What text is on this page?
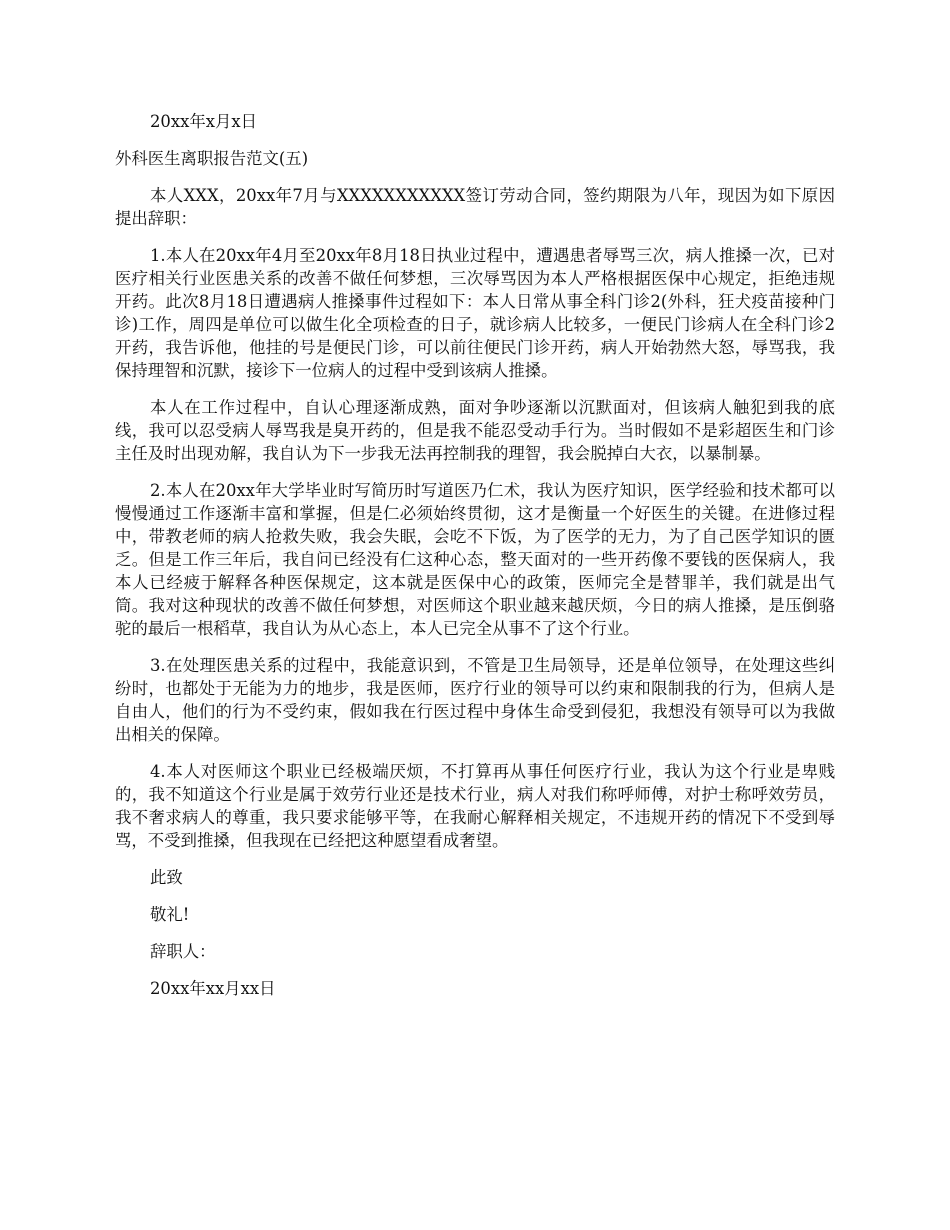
20xx年x月x日

外科医生离职报告范文(五)

本人XXX，20xx年7月与XXXXXXXXXXX签订劳动合同，签约期限为八年，现因为如下原因提出辞职：

1.本人在20xx年4月至20xx年8月18日执业过程中，遭遇患者辱骂三次，病人推搡一次，已对医疗相关行业医患关系的改善不做任何梦想，三次辱骂因为本人严格根据医保中心规定，拒绝违规开药。此次8月18日遭遇病人推搡事件过程如下：本人日常从事全科门诊2(外科，狂犬疫苗接种门诊)工作，周四是单位可以做生化全项检查的日子，就诊病人比较多，一便民门诊病人在全科门诊2开药，我告诉他，他挂的号是便民门诊，可以前往便民门诊开药，病人开始勃然大怒，辱骂我，我保持理智和沉默，接诊下一位病人的过程中受到该病人推搡。

本人在工作过程中，自认心理逐渐成熟，面对争吵逐渐以沉默面对，但该病人触犯到我的底线，我可以忍受病人辱骂我是臭开药的，但是我不能忍受动手行为。当时假如不是彩超医生和门诊主任及时出现劝解，我自认为下一步我无法再控制我的理智，我会脱掉白大衣，以暴制暴。

2.本人在20xx年大学毕业时写简历时写道医乃仁术，我认为医疗知识，医学经验和技术都可以慢慢通过工作逐渐丰富和掌握，但是仁必须始终贯彻，这才是衡量一个好医生的关键。在进修过程中，带教老师的病人抢救失败，我会失眠，会吃不下饭，为了医学的无力，为了自己医学知识的匮乏。但是工作三年后，我自问已经没有仁这种心态，整天面对的一些开药像不要钱的医保病人，我本人已经疲于解释各种医保规定，这本就是医保中心的政策，医师完全是替罪羊，我们就是出气筒。我对这种现状的改善不做任何梦想，对医师这个职业越来越厌烦，今日的病人推搡，是压倒骆驼的最后一根稻草，我自认为从心态上，本人已完全从事不了这个行业。

3.在处理医患关系的过程中，我能意识到，不管是卫生局领导，还是单位领导，在处理这些纠纷时，也都处于无能为力的地步，我是医师，医疗行业的领导可以约束和限制我的行为，但病人是自由人，他们的行为不受约束，假如我在行医过程中身体生命受到侵犯，我想没有领导可以为我做出相关的保障。

4.本人对医师这个职业已经极端厌烦，不打算再从事任何医疗行业，我认为这个行业是卑贱的，我不知道这个行业是属于效劳行业还是技术行业，病人对我们称呼师傅，对护士称呼效劳员，我不奢求病人的尊重，我只要求能够平等，在我耐心解释相关规定，不违规开药的情况下不受到辱骂，不受到推搡，但我现在已经把这种愿望看成奢望。

此致

敬礼!

辞职人：

20xx年xx月xx日
